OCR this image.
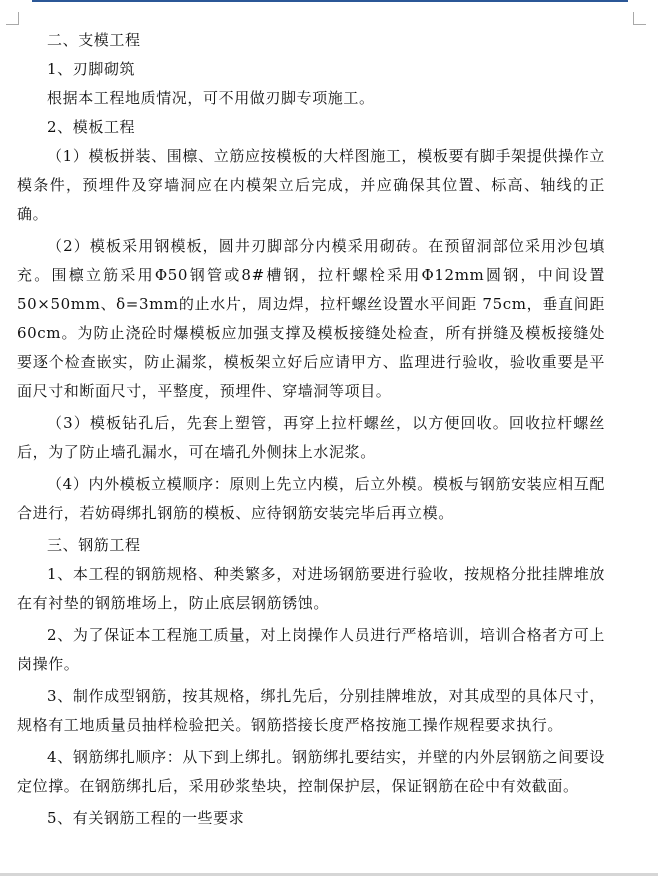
二、支模工程

1、刃脚砌筑

根据本工程地质情况，可不用做刃脚专项施工。

2、模板工程

（1）模板拼装、围檩、立筋应按模板的大样图施工，模板要有脚手架提供操作立模条件，预埋件及穿墙洞应在内模架立后完成，并应确保其位置、标高、轴线的正确。

（2）模板采用钢模板，圆井刃脚部分内模采用砌砖。在预留洞部位采用沙包填充。围檩立筋采用Φ50钢管或8#槽钢，拉杆螺栓采用Φ12mm圆钢，中间设置50×50mm、δ=3mm的止水片，周边焊，拉杆螺丝设置水平间距 75cm，垂直间距 60cm。为防止浇砼时爆模板应加强支撑及模板接缝处检查，所有拼缝及模板接缝处要逐个检查嵌实，防止漏浆，模板架立好后应请甲方、监理进行验收，验收重要是平面尺寸和断面尺寸，平整度，预埋件、穿墙洞等项目。

（3）模板钻孔后，先套上塑管，再穿上拉杆螺丝，以方便回收。回收拉杆螺丝后，为了防止墙孔漏水，可在墙孔外侧抹上水泥浆。

（4）内外模板立模顺序：原则上先立内模，后立外模。模板与钢筋安装应相互配合进行，若妨碍绑扎钢筋的模板、应待钢筋安装完毕后再立模。

三、钢筋工程

1、本工程的钢筋规格、种类繁多，对进场钢筋要进行验收，按规格分批挂牌堆放在有衬垫的钢筋堆场上，防止底层钢筋锈蚀。

2、为了保证本工程施工质量，对上岗操作人员进行严格培训，培训合格者方可上岗操作。

3、制作成型钢筋，按其规格，绑扎先后，分别挂牌堆放，对其成型的具体尺寸，规格有工地质量员抽样检验把关。钢筋搭接长度严格按施工操作规程要求执行。

4、钢筋绑扎顺序：从下到上绑扎。钢筋绑扎要结实，并壁的内外层钢筋之间要设定位撑。在钢筋绑扎后，采用砂浆垫块，控制保护层，保证钢筋在砼中有效截面。

5、有关钢筋工程的一些要求
